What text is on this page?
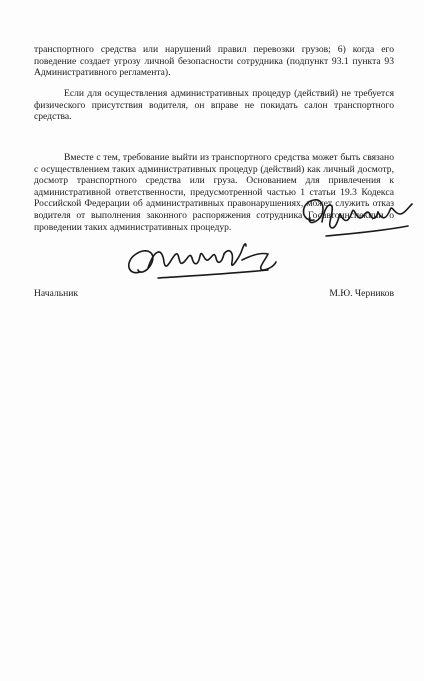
транспортного средства или нарушений правил перевозки грузов; 6) когда его поведение создает угрозу личной безопасности сотрудника (подпункт 93.1 пункта 93 Административного регламента).

Если для осуществления административных процедур (действий) не требуется физического присутствия водителя, он вправе не покидать салон транспортного средства.

Вместе с тем, требование выйти из транспортного средства может быть связано с осуществлением таких административных процедур (действий) как личный досмотр, досмотр транспортного средства или груза. Основанием для привлечения к административной ответственности, предусмотренной частью 1 статьи 19.3 Кодекса Российской Федерации об административных правонарушениях, может служить отказ водителя от выполнения законного распоряжения сотрудника Госавтоинспекции о проведении таких административных процедур.

Начальник	М.Ю. Черников
